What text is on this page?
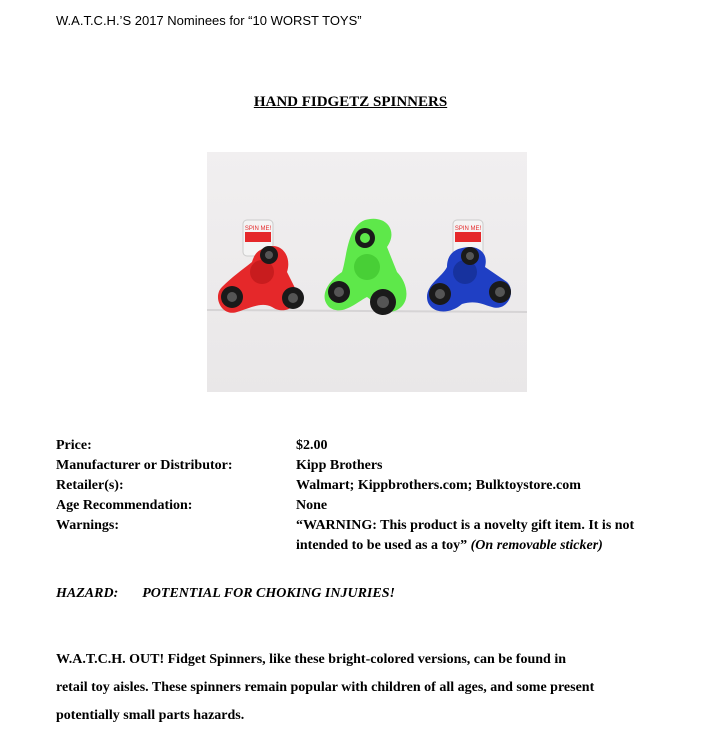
W.A.T.C.H.’S 2017 Nominees for “10 WORST TOYS”
HAND FIDGETZ SPINNERS
SPIN ME!	SPIN ME!
Price:	$2.00
Manufacturer or Distributor:	Kipp Brothers
Retailer(s):	Walmart; Kippbrothers.com; Bulktoystore.com
Age Recommendation:	None
Warnings:	“WARNING: This product is a novelty gift item. It is not intended to be used as a toy” (On removable sticker)
HAZARD: POTENTIAL FOR CHOKING INJURIES!

W.A.T.C.H. OUT! Fidget Spinners, like these bright-colored versions, can be found in

retail toy aisles. These spinners remain popular with children of all ages, and some present

potentially small parts hazards.
